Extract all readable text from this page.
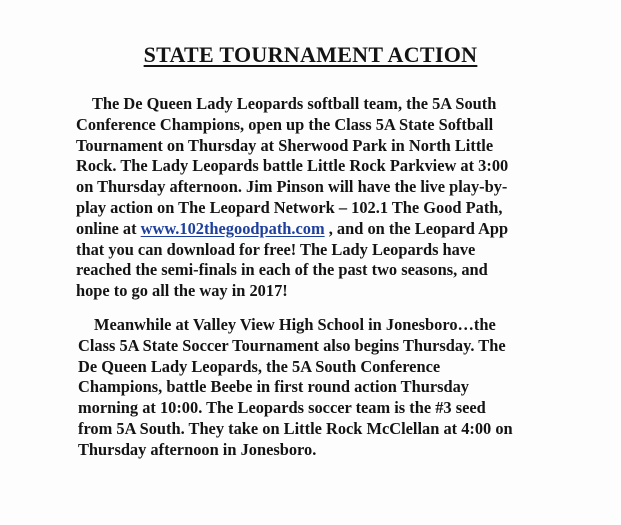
STATE TOURNAMENT ACTION

The De Queen Lady Leopards softball team, the 5A South
Conference Champions, open up the Class 5A State Softball
Tournament on Thursday at Sherwood Park in North Little
Rock. The Lady Leopards battle Little Rock Parkview at 3:00
on Thursday afternoon. Jim Pinson will have the live play-by-
play action on The Leopard Network – 102.1 The Good Path,
online at www.102thegoodpath.com , and on the Leopard App
that you can download for free! The Lady Leopards have
reached the semi-finals in each of the past two seasons, and
hope to go all the way in 2017!

Meanwhile at Valley View High School in Jonesboro…the
Class 5A State Soccer Tournament also begins Thursday. The
De Queen Lady Leopards, the 5A South Conference
Champions, battle Beebe in first round action Thursday
morning at 10:00. The Leopards soccer team is the #3 seed
from 5A South. They take on Little Rock McClellan at 4:00 on
Thursday afternoon in Jonesboro.
